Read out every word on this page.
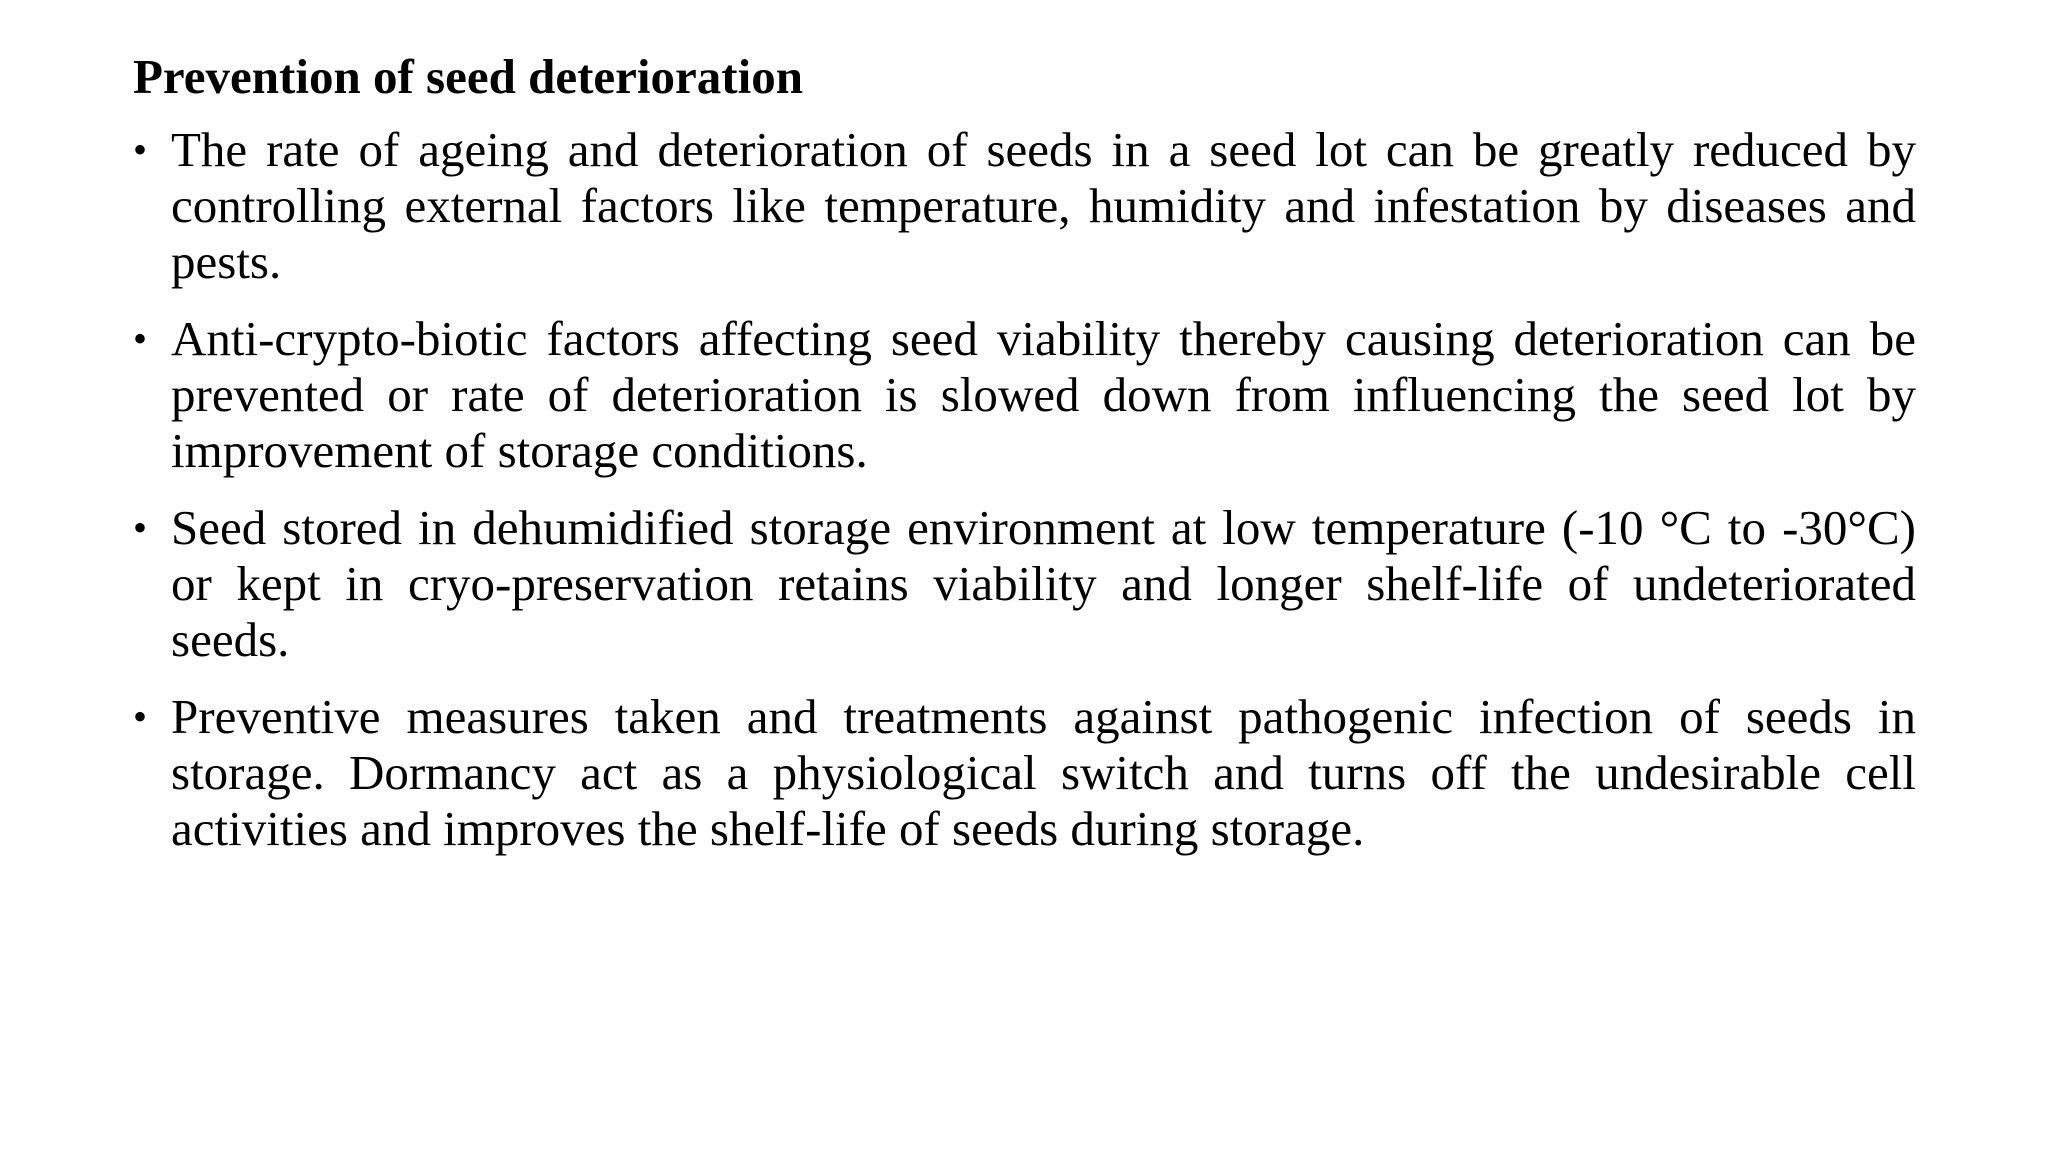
Prevention of seed deterioration
• The rate of ageing and deterioration of seeds in a seed lot can be greatly reduced by controlling external factors like temperature, humidity and infestation by diseases and pests.
• Anti-crypto-biotic factors affecting seed viability thereby causing deterioration can be prevented or rate of deterioration is slowed down from influencing the seed lot by improvement of storage conditions.
• Seed stored in dehumidified storage environment at low temperature (-10 °C to -30°C) or kept in cryo-preservation retains viability and longer shelf-life of undeteriorated seeds.
• Preventive measures taken and treatments against pathogenic infection of seeds in storage. Dormancy act as a physiological switch and turns off the undesirable cell activities and improves the shelf-life of seeds during storage.
